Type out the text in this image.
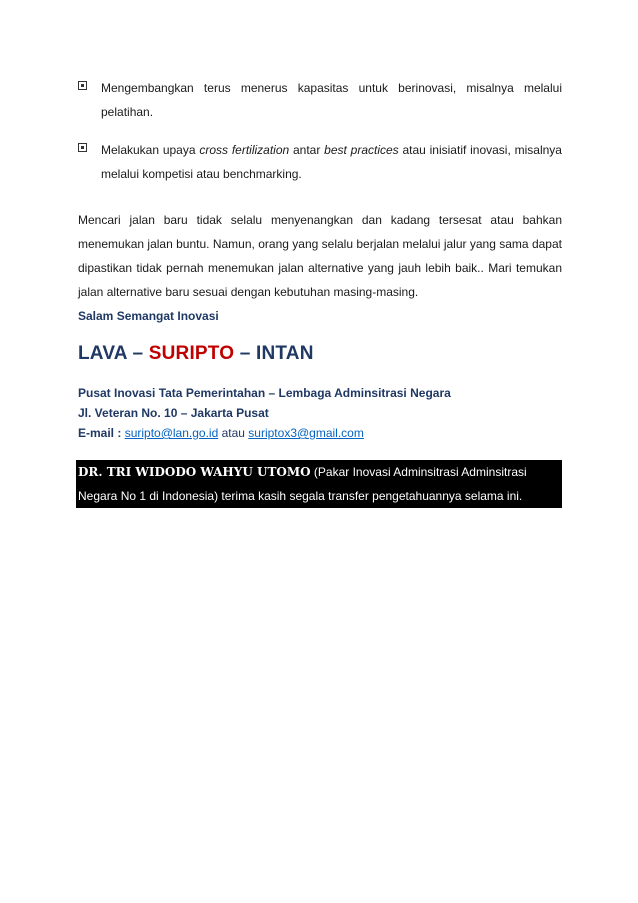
Mengembangkan terus menerus kapasitas untuk berinovasi, misalnya melalui pelatihan.
Melakukan upaya cross fertilization antar best practices atau inisiatif inovasi, misalnya melalui kompetisi atau benchmarking.

Mencari jalan baru tidak selalu menyenangkan dan kadang tersesat atau bahkan menemukan jalan buntu. Namun, orang yang selalu berjalan melalui jalur yang sama dapat dipastikan tidak pernah menemukan jalan alternative yang jauh lebih baik.. Mari temukan jalan alternative baru sesuai dengan kebutuhan masing-masing.

Salam Semangat Inovasi

LAVA – SURIPTO – INTAN
Pusat Inovasi Tata Pemerintahan – Lembaga Adminsitrasi Negara
Jl. Veteran No. 10 – Jakarta Pusat
E-mail : suripto@lan.go.id atau suriptox3@gmail.com
DR. TRI WIDODO WAHYU UTOMO (Pakar Inovasi Adminsitrasi Adminsitrasi Negara No 1 di Indonesia) terima kasih segala transfer pengetahuannya selama ini.
